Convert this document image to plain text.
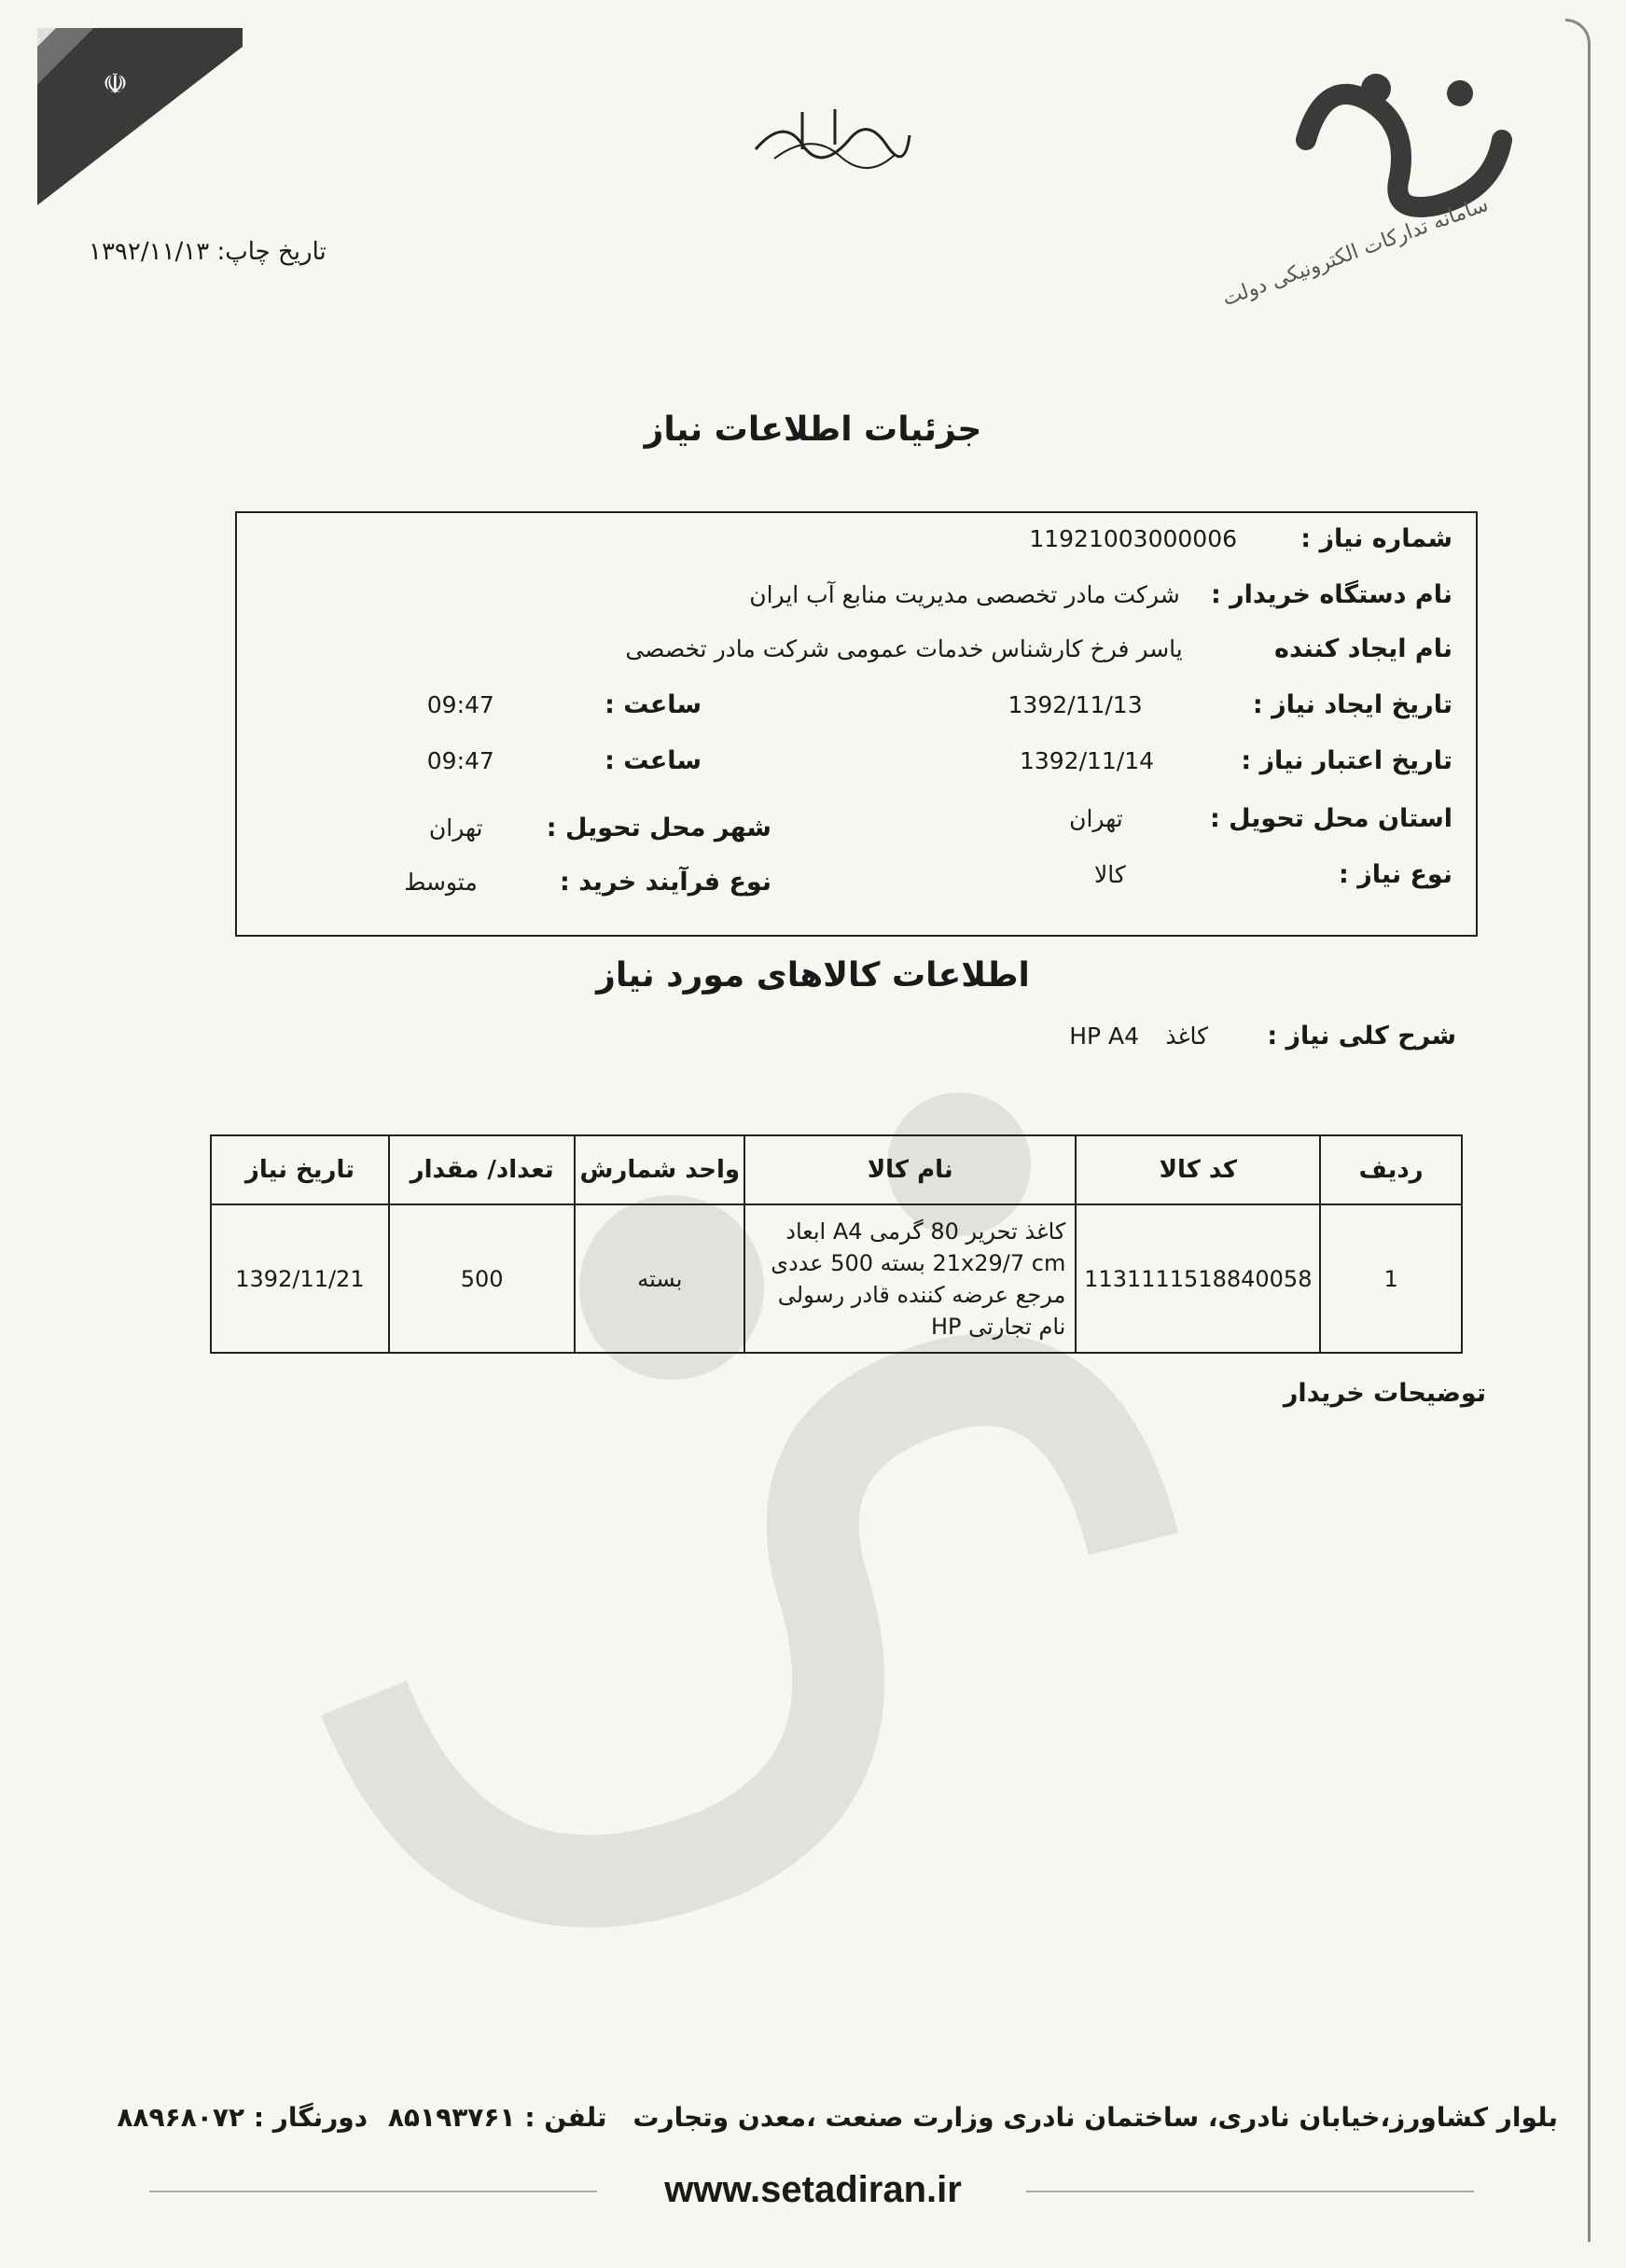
☫
سامانه تدارکات الکترونیکی دولت
تاریخ چاپ: ۱۳۹۲/۱۱/۱۳
جزئیات اطلاعات نیاز
شماره نیاز : 11921003000006
نام دستگاه خریدار : شرکت مادر تخصصی مدیریت منابع آب ایران
نام ایجاد کننده یاسر فرخ کارشناس خدمات عمومی شرکت مادر تخصصی
تاریخ ایجاد نیاز : 1392/11/13
ساعت : 09:47
تاریخ اعتبار نیاز : 1392/11/14
ساعت : 09:47
استان محل تحویل : تهران
شهر محل تحویل : تهران
نوع نیاز : کالا
نوع فرآیند خرید : متوسط
اطلاعات کالاهای مورد نیاز
شرح کلی نیاز : کاغذ HP A4
ردیف	کد کالا	نام کالا	واحد شمارش	تعداد/ مقدار	تاریخ نیاز
1	1131111518840058	کاغذ تحریر 80 گرمی A4 ابعاد
21x29/7 cm بسته 500 عددی
مرجع عرضه کننده قادر رسولی
نام تجارتی HP	بسته	500	1392/11/21
توضیحات خریدار
بلوار کشاورز،خیابان نادری، ساختمان نادری وزارت صنعت ،معدن وتجارت تلفن : ۸۵۱۹۳۷۶۱ دورنگار : ۸۸۹۶۸۰۷۲
www.setadiran.ir
